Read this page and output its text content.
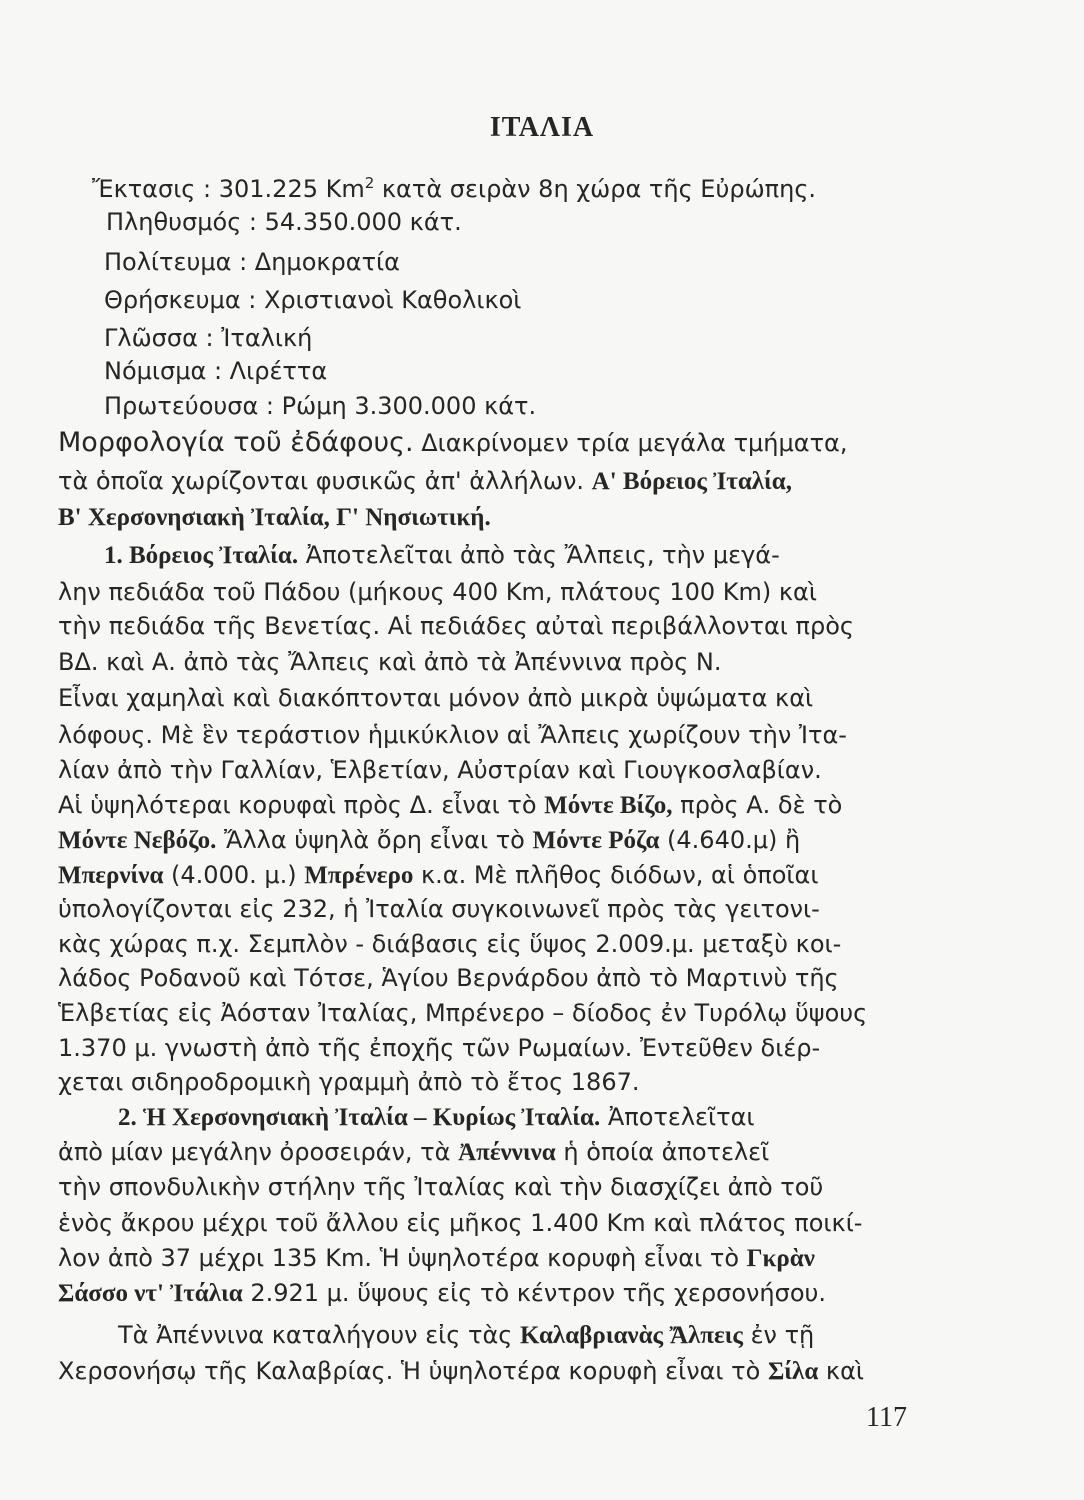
ΙΤΑΛΙΑ
Ἔκτασις : 301.225 Km$^2$ κατὰ σειρὰν 8η χώρα τῆς Εὐρώπης.
Πληθυσμός : 54.350.000 κάτ.
Πολίτευμα : Δημοκρατία
Θρήσκευμα : Χριστιανοὶ Καθολικοὶ
Γλῶσσα : Ἰταλική
Νόμισμα : Λιρέττα
Πρωτεύουσα : Ρώμη 3.300.000 κάτ.
Μορφολογία τοῦ ἐδάφους. Διακρίνομεν τρία μεγάλα τμήματα,
τὰ ὁποῖα χωρίζονται φυσικῶς ἀπ' ἀλλήλων. Α' Βόρειος Ἰταλία,
Β' Χερσονησιακὴ Ἰταλία, Γ' Νησιωτική.
1. Βόρειος Ἰταλία. Ἀποτελεῖται ἀπὸ τὰς Ἄλπεις, τὴν μεγά-
λην πεδιάδα τοῦ Πάδου (μήκους 400 Km, πλάτους 100 Km) καὶ
τὴν πεδιάδα τῆς Βενετίας. Αἱ πεδιάδες αὐταὶ περιβάλλονται πρὸς
ΒΔ. καὶ Α. ἀπὸ τὰς Ἄλπεις καὶ ἀπὸ τὰ Ἀπέννινα πρὸς Ν.
Εἶναι χαμηλαὶ καὶ διακόπτονται μόνον ἀπὸ μικρὰ ὑψώματα καὶ
λόφους. Μὲ ἓν τεράστιον ἡμικύκλιον αἱ Ἄλπεις χωρίζουν τὴν Ἰτα-
λίαν ἀπὸ τὴν Γαλλίαν, Ἑλβετίαν, Αὐστρίαν καὶ Γιουγκοσλαβίαν.
Αἱ ὑψηλότεραι κορυφαὶ πρὸς Δ. εἶναι τὸ Μόντε Βίζο, πρὸς Α. δὲ τὸ
Μόντε Νεβόζο. Ἄλλα ὑψηλὰ ὄρη εἶναι τὸ Μόντε Ρόζα (4.640.μ) ἢ
Μπερνίνα (4.000. μ.) Μπρένερο κ.α. Μὲ πλῆθος διόδων, αἱ ὁποῖαι
ὑπολογίζονται εἰς 232, ἡ Ἰταλία συγκοινωνεῖ πρὸς τὰς γειτονι-
κὰς χώρας π.χ. Σεμπλὸν - διάβασις εἰς ὕψος 2.009.μ. μεταξὺ κοι-
λάδος Ροδανοῦ καὶ Τότσε, Ἁγίου Βερνάρδου ἀπὸ τὸ Μαρτινὺ τῆς
Ἑλβετίας εἰς Ἀόσταν Ἰταλίας, Μπρένερο – δίοδος ἐν Τυρόλῳ ὕψους
1.370 μ. γνωστὴ ἀπὸ τῆς ἐποχῆς τῶν Ρωμαίων. Ἐντεῦθεν διέρ-
χεται σιδηροδρομικὴ γραμμὴ ἀπὸ τὸ ἔτος 1867.
2. Ἡ Χερσονησιακὴ Ἰταλία – Κυρίως Ἰταλία. Ἀποτελεῖται
ἀπὸ μίαν μεγάλην ὀροσειράν, τὰ Ἀπέννινα ἡ ὁποία ἀποτελεῖ
τὴν σπονδυλικὴν στήλην τῆς Ἰταλίας καὶ τὴν διασχίζει ἀπὸ τοῦ
ἑνὸς ἄκρου μέχρι τοῦ ἄλλου εἰς μῆκος 1.400 Km καὶ πλάτος ποικί-
λον ἀπὸ 37 μέχρι 135 Km. Ἡ ὑψηλοτέρα κορυφὴ εἶναι τὸ Γκρὰν
Σάσσο ντ' Ἰτάλια 2.921 μ. ὕψους εἰς τὸ κέντρον τῆς χερσονήσου.
Τὰ Ἀπέννινα καταλήγουν εἰς τὰς Καλαβριανὰς Ἄλπεις ἐν τῇ
Χερσονήσῳ τῆς Καλαβρίας. Ἡ ὑψηλοτέρα κορυφὴ εἶναι τὸ Σίλα καὶ
117
